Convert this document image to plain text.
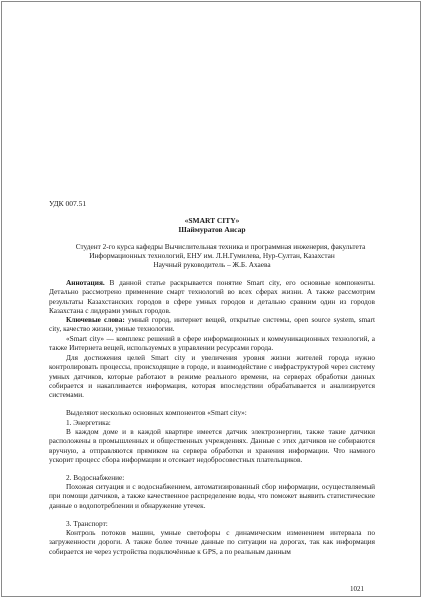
УДК 007.51
«SMART CITY»
Шаймуратов Ансар

Студент 2-го курса кафедры Вычислительная техника и программная инженерия, факультета Информационных технологий, ЕНУ им. Л.Н.Гумилева, Нур-Султан, Казахстан

Научный руководитель – Ж.Б. Ахаева

Аннотация. В данной статье раскрывается понятие Smart city, его основные компоненты. Детально рассмотрено применение смарт технологий во всех сферах жизни. А также рассмотрим результаты Казахстанских городов в сфере умных городов и детально сравним один из городов Казахстана с лидерами умных городов.

Ключевые слова: умный город, интернет вещей, открытые системы, open source system, smart city, качество жизни, умные технологии.

«Smart city» — комплекс решений в сфере информационных и коммуникационных технологий, а также Интернета вещей, используемых в управлении ресурсами города.

Для достижения целей Smart city и увеличения уровня жизни жителей города нужно контролировать процессы, происходящие в городе, и взаимодействие с инфраструктурой через систему умных датчиков, которые работают в режиме реального времени, на серверах обработки данных собирается и накапливается информация, которая впоследствии обрабатывается и анализируется системами.

Выделяют несколько основных компонентов «Smart city»:

1. Энергетика:

В каждом доме и в каждой квартире имеется датчик электроэнергии, также такие датчики расположены в промышленных и общественных учреждениях. Данные с этих датчиков не собираются вручную, а отправляются прямиком на сервера обработки и хранения информации. Что намного ускорит процесс сбора информации и отсекает недобросовестных плательщиков.

2. Водоснабжение:

Похожая ситуация и с водоснабжением, автоматизированный сбор информации, осуществляемый при помощи датчиков, а также качественное распределение воды, что поможет выявить статистические данные о водопотреблении и обнаружение утечек.

3. Транспорт:

Контроль потоков машин, умные светофоры с динамическим изменением интервала по загруженности дороги. А также более точные данные по ситуации на дорогах, так как информация собирается не через устройства подключённые к GPS, а по реальным данным

1021
